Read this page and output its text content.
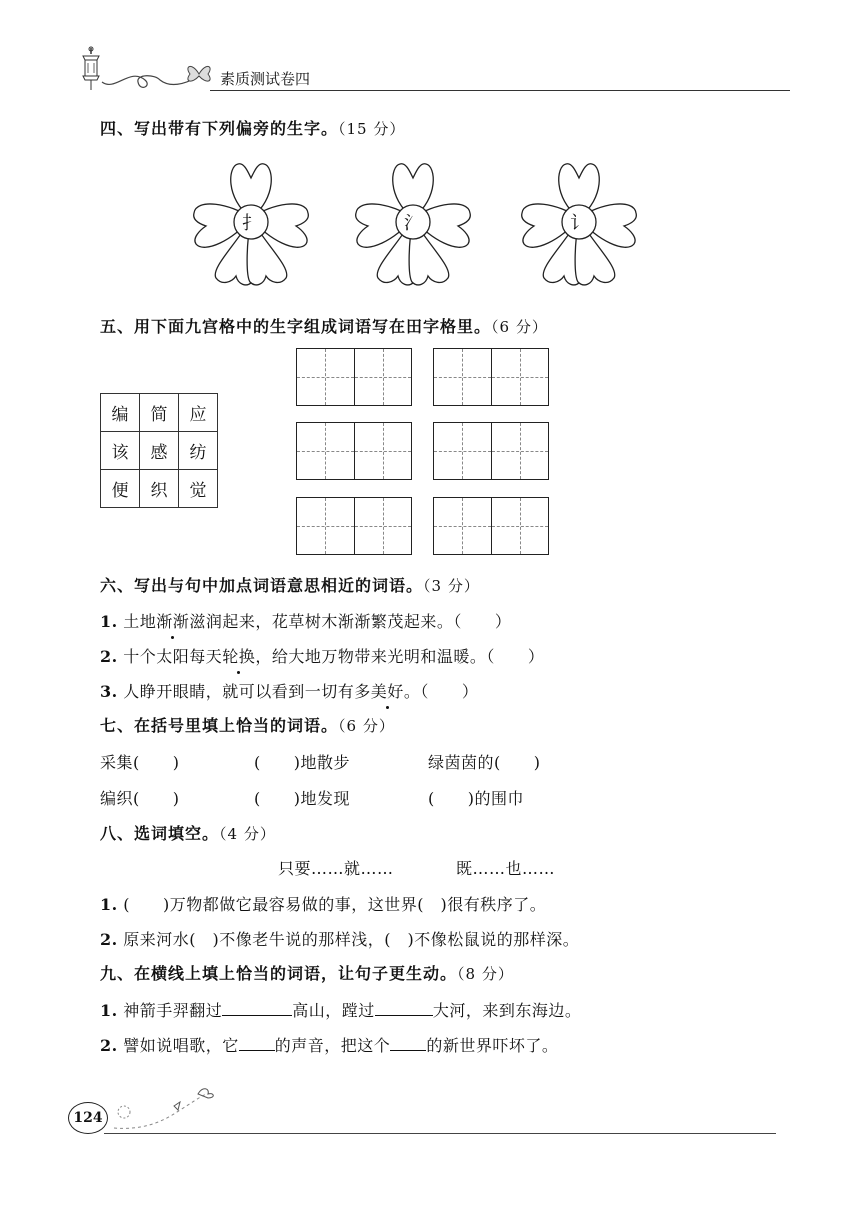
素质测试卷四
四、写出带有下列偏旁的生字。（15 分）
扌	氵	讠
五、用下面九宫格中的生字组成词语写在田字格里。（6 分）
编	简	应
该	感	纺
便	织	觉
六、写出与句中加点词语意思相近的词语。（3 分）
1. 土地渐渐滋润起来，花草树木渐渐繁茂起来。（　　）
2. 十个太阳每天轮换，给大地万物带来光明和温暖。（　　）
3. 人睁开眼睛，就可以看到一切有多美好。（　　）
七、在括号里填上恰当的词语。（6 分）
采集(　　)	(　　)地散步	绿茵茵的(　　)
编织(　　)	(　　)地发现	(　　)的围巾
八、选词填空。（4 分）
只要……就……	既……也……
1. (　　)万物都做它最容易做的事，这世界(　)很有秩序了。
2. 原来河水(　)不像老牛说的那样浅，(　)不像松鼠说的那样深。
九、在横线上填上恰当的词语，让句子更生动。（8 分）
1. 神箭手羿翻过	高山，蹚过	大河，来到东海边。
2. 譬如说唱歌，它 的声音，把这个 的新世界吓坏了。
124
